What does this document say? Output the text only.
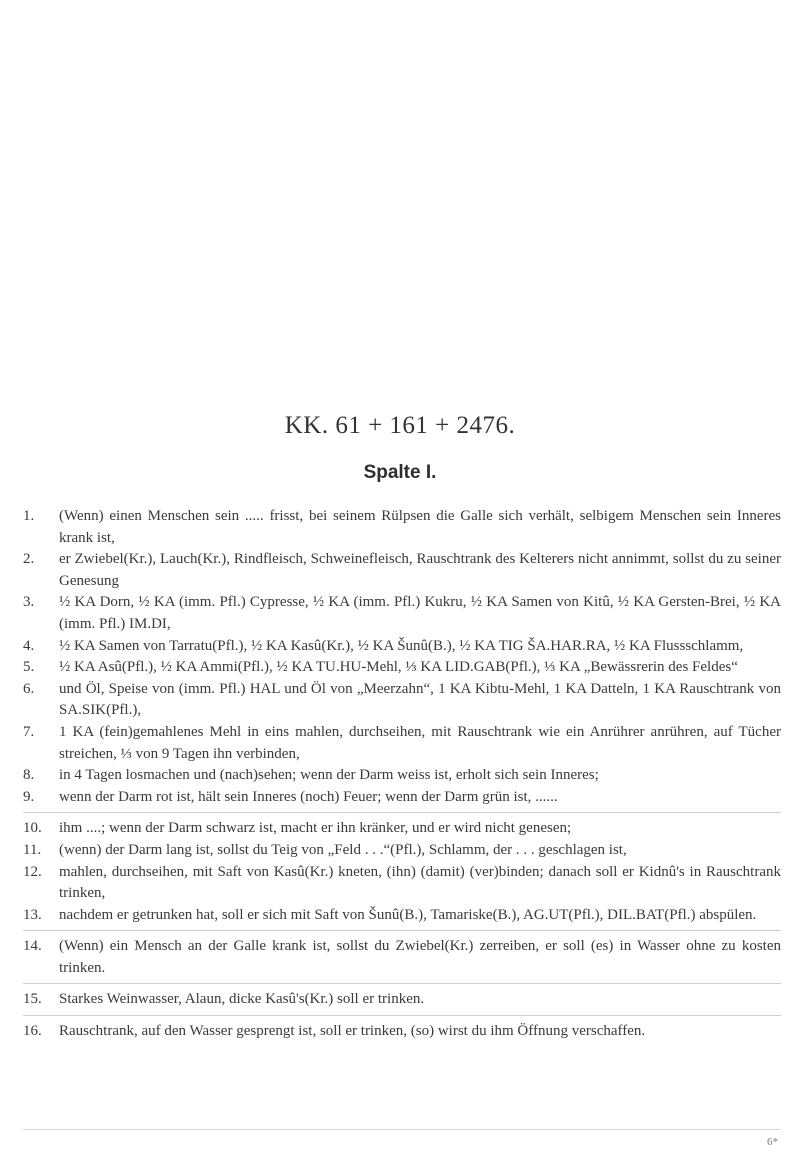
KK. 61 + 161 + 2476.
Spalte I.
1.	(Wenn) einen Menschen sein ..... frisst, bei seinem Rülpsen die Galle sich verhält, selbigem Menschen sein Inneres krank ist,
2.	er Zwiebel(Kr.), Lauch(Kr.), Rindfleisch, Schweinefleisch, Rauschtrank des Kelterers nicht annimmt, sollst du zu seiner Genesung
3.	½ KA Dorn, ½ KA (imm. Pfl.) Cypresse, ½ KA (imm. Pfl.) Kukru, ½ KA Samen von Kitû, ½ KA Gersten-Brei, ½ KA (imm. Pfl.) IM.DI,
4.	½ KA Samen von Tarratu(Pfl.), ½ KA Kasû(Kr.), ½ KA Šunû(B.), ½ KA TIG ŠA.HAR.RA, ½ KA Flussschlamm,
5.	½ KA Asû(Pfl.), ½ KA Ammi(Pfl.), ½ KA TU.HU-Mehl, ⅓ KA LID.GAB(Pfl.), ⅓ KA „Bewässrerin des Feldes“
6.	und Öl, Speise von (imm. Pfl.) HAL und Öl von „Meerzahn“, 1 KA Kibtu-Mehl, 1 KA Datteln, 1 KA Rauschtrank von SA.SIK(Pfl.),
7.	1 KA (fein)gemahlenes Mehl in eins mahlen, durchseihen, mit Rauschtrank wie ein Anrührer anrühren, auf Tücher streichen, ⅓ von 9 Tagen ihn verbinden,
8.	in 4 Tagen losmachen und (nach)sehen; wenn der Darm weiss ist, erholt sich sein Inneres;
9.	wenn der Darm rot ist, hält sein Inneres (noch) Feuer; wenn der Darm grün ist, ......
10.	ihm ....; wenn der Darm schwarz ist, macht er ihn kränker, und er wird nicht genesen;
11.	(wenn) der Darm lang ist, sollst du Teig von „Feld . . .“(Pfl.), Schlamm, der . . . geschlagen ist,
12.	mahlen, durchseihen, mit Saft von Kasû(Kr.) kneten, (ihn) (damit) (ver)binden; danach soll er Kidnû's in Rauschtrank trinken,
13.	nachdem er getrunken hat, soll er sich mit Saft von Šunû(B.), Tamariske(B.), AG.UT(Pfl.), DIL.BAT(Pfl.) abspülen.
14.	(Wenn) ein Mensch an der Galle krank ist, sollst du Zwiebel(Kr.) zerreiben, er soll (es) in Wasser ohne zu kosten trinken.
15.	Starkes Weinwasser, Alaun, dicke Kasû's(Kr.) soll er trinken.
16.	Rauschtrank, auf den Wasser gesprengt ist, soll er trinken, (so) wirst du ihm Öffnung verschaffen.
6*
